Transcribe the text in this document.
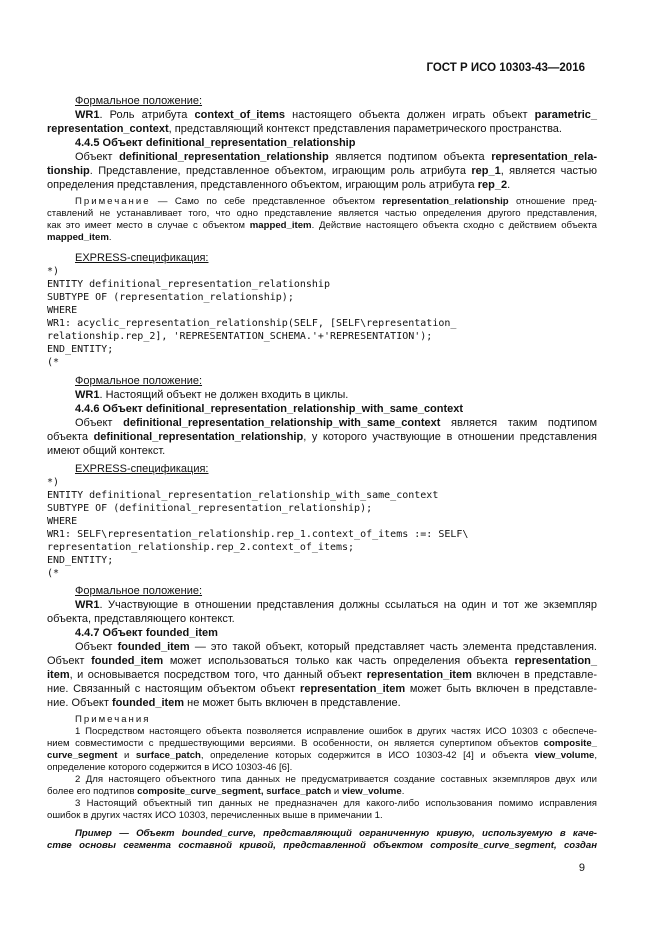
ГОСТ Р ИСО 10303-43—2016
Формальное положение:
WR1. Роль атрибута context_of_items настоящего объекта должен играть объект parametric_
representation_context, представляющий контекст представления параметрического пространства.
4.4.5 Объект definitional_representation_relationship
Объект definitional_representation_relationship является подтипом объекта representation_rela-
tionship. Представление, представленное объектом, играющим роль атрибута rep_1, является частью
определения представления, представленного объектом, играющим роль атрибута rep_2.
Примечание — Само по себе представленное объектом representation_relationship отношение пред-
ставлений не устанавливает того, что одно представление является частью определения другого представления,
как это имеет место в случае с объектом mapped_item. Действие настоящего объекта сходно с действием объекта
mapped_item.
EXPRESS-спецификация:
*)
ENTITY definitional_representation_relationship
SUBTYPE OF (representation_relationship);
WHERE
WR1: acyclic_representation_relationship(SELF, [SELF\representation_
relationship.rep_2], 'REPRESENTATION_SCHEMA.'+'REPRESENTATION');
END_ENTITY;
(*
Формальное положение:
WR1. Настоящий объект не должен входить в циклы.
4.4.6 Объект definitional_representation_relationship_with_same_context
Объект definitional_representation_relationship_with_same_context является таким подтипом
объекта definitional_representation_relationship, у которого участвующие в отношении представления
имеют общий контекст.
EXPRESS-спецификация:
*)
ENTITY definitional_representation_relationship_with_same_context
SUBTYPE OF (definitional_representation_relationship);
WHERE
WR1: SELF\representation_relationship.rep_1.context_of_items :=: SELF\
representation_relationship.rep_2.context_of_items;
END_ENTITY;
(*
Формальное положение:
WR1. Участвующие в отношении представления должны ссылаться на один и тот же экземпляр
объекта, представляющего контекст.
4.4.7 Объект founded_item
Объект founded_item — это такой объект, который представляет часть элемента представления.
Объект founded_item может использоваться только как часть определения объекта representation_
item, и основывается посредством того, что данный объект representation_item включен в представле-
ние. Связанный с настоящим объектом объект representation_item может быть включен в представле-
ние. Объект founded_item не может быть включен в представление.
Примечания
1 Посредством настоящего объекта позволяется исправление ошибок в других частях ИСО 10303 с обеспече-
нием совместимости с предшествующими версиями. В особенности, он является супертипом объектов composite_
curve_segment и surface_patch, определение которых содержится в ИСО 10303-42 [4] и объекта view_volume,
определение которого содержится в ИСО 10303-46 [6].
2 Для настоящего объектного типа данных не предусматривается создание составных экземпляров двух или
более его подтипов composite_curve_segment, surface_patch и view_volume.
3 Настоящий объектный тип данных не предназначен для какого-либо использования помимо исправления
ошибок в других частях ИСО 10303, перечисленных выше в примечании 1.
Пример — Объект bounded_curve, представляющий ограниченную кривую, используемую в каче-
стве основы сегмента составной кривой, представленной объектом composite_curve_segment, создан
9
